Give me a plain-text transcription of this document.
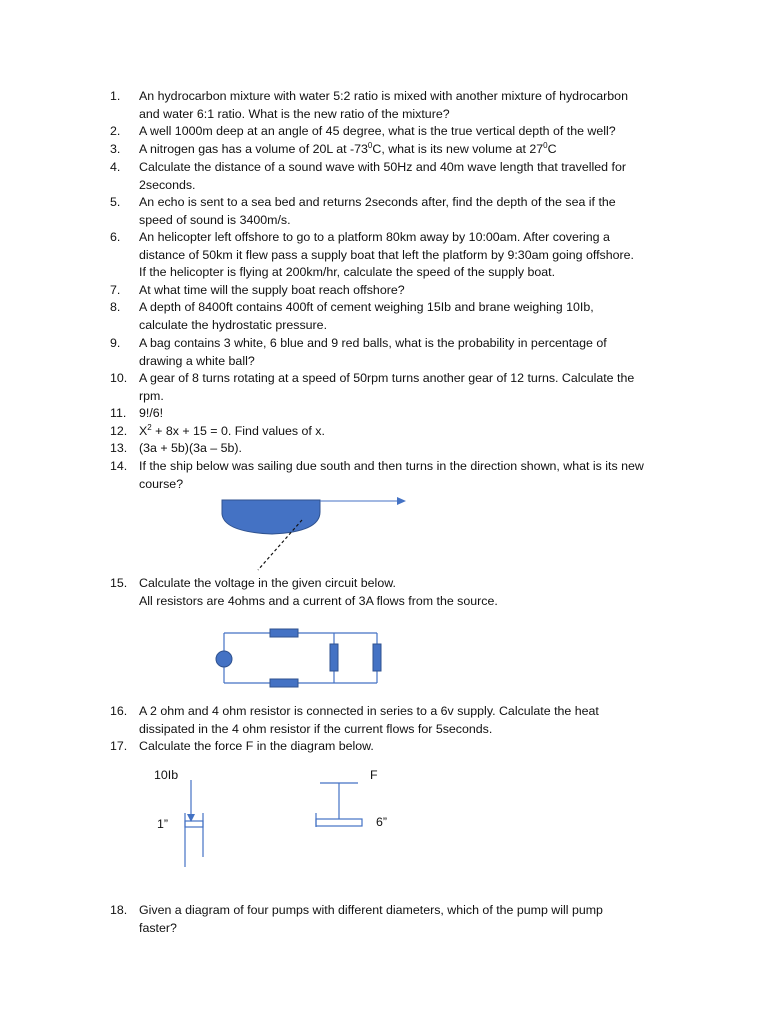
1.	An hydrocarbon mixture with water 5:2 ratio is mixed with another mixture of hydrocarbon
and water 6:1 ratio. What is the new ratio of the mixture?
2.	A well 1000m deep at an angle of 45 degree, what is the true vertical depth of the well?
3.	A nitrogen gas has a volume of 20L at $-73^0C$, what is its new volume at $27^0C$
4.	Calculate the distance of a sound wave with 50Hz and 40m wave length that travelled for
2seconds.
5.	An echo is sent to a sea bed and returns 2seconds after, find the depth of the sea if the
speed of sound is 3400m/s.
6.	An helicopter left offshore to go to a platform 80km away by 10:00am. After covering a
distance of 50km it flew pass a supply boat that left the platform by 9:30am going offshore.
If the helicopter is flying at 200km/hr, calculate the speed of the supply boat.
7.	At what time will the supply boat reach offshore?
8.	A depth of 8400ft contains 400ft of cement weighing 15Ib and brane weighing 10Ib,
calculate the hydrostatic pressure.
9.	A bag contains 3 white, 6 blue and 9 red balls, what is the probability in percentage of
drawing a white ball?
10. A gear of 8 turns rotating at a speed of 50rpm turns another gear of 12 turns. Calculate the
rpm.
11.	9!/6!
12. $X^2 + 8x + 15 = 0$. Find values of x.
13. (3a + 5b)(3a – 5b).
14. If the ship below was sailing due south and then turns in the direction shown, what is its new
course?
15. Calculate the voltage in the given circuit below.
All resistors are 4ohms and a current of 3A flows from the source.
16. A 2 ohm and 4 ohm resistor is connected in series to a 6v supply. Calculate the heat
dissipated in the 4 ohm resistor if the current flows for 5seconds.
17. Calculate the force F in the diagram below.
10Ib	F
1”	6”
18. Given a diagram of four pumps with different diameters, which of the pump will pump
faster?
